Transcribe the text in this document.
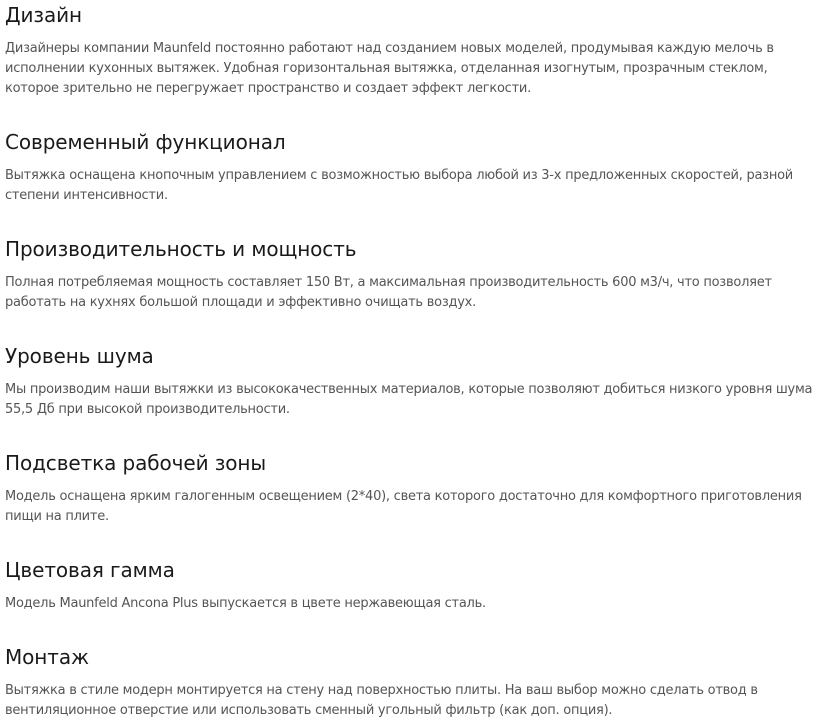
Дизайн

Дизайнеры компании Maunfeld постоянно работают над созданием новых моделей, продумывая каждую мелочь в исполнении кухонных вытяжек. Удобная горизонтальная вытяжка, отделанная изогнутым, прозрачным стеклом, которое зрительно не перегружает пространство и создает эффект легкости.

Современный функционал

Вытяжка оснащена кнопочным управлением с возможностью выбора любой из 3-х предложенных скоростей, разной степени интенсивности.

Производительность и мощность

Полная потребляемая мощность составляет 150 Вт, а максимальная производительность 600 м3/ч, что позволяет работать на кухнях большой площади и эффективно очищать воздух.

Уровень шума

Мы производим наши вытяжки из высококачественных материалов, которые позволяют добиться низкого уровня шума 55,5 Дб при высокой производительности.

Подсветка рабочей зоны

Модель оснащена ярким галогенным освещением (2*40), света которого достаточно для комфортного приготовления пищи на плите.

Цветовая гамма

Модель Maunfeld Ancona Plus выпускается в цвете нержавеющая сталь.

Монтаж

Вытяжка в стиле модерн монтируется на стену над поверхностью плиты. На ваш выбор можно сделать отвод в вентиляционное отверстие или использовать сменный угольный фильтр (как доп. опция).
